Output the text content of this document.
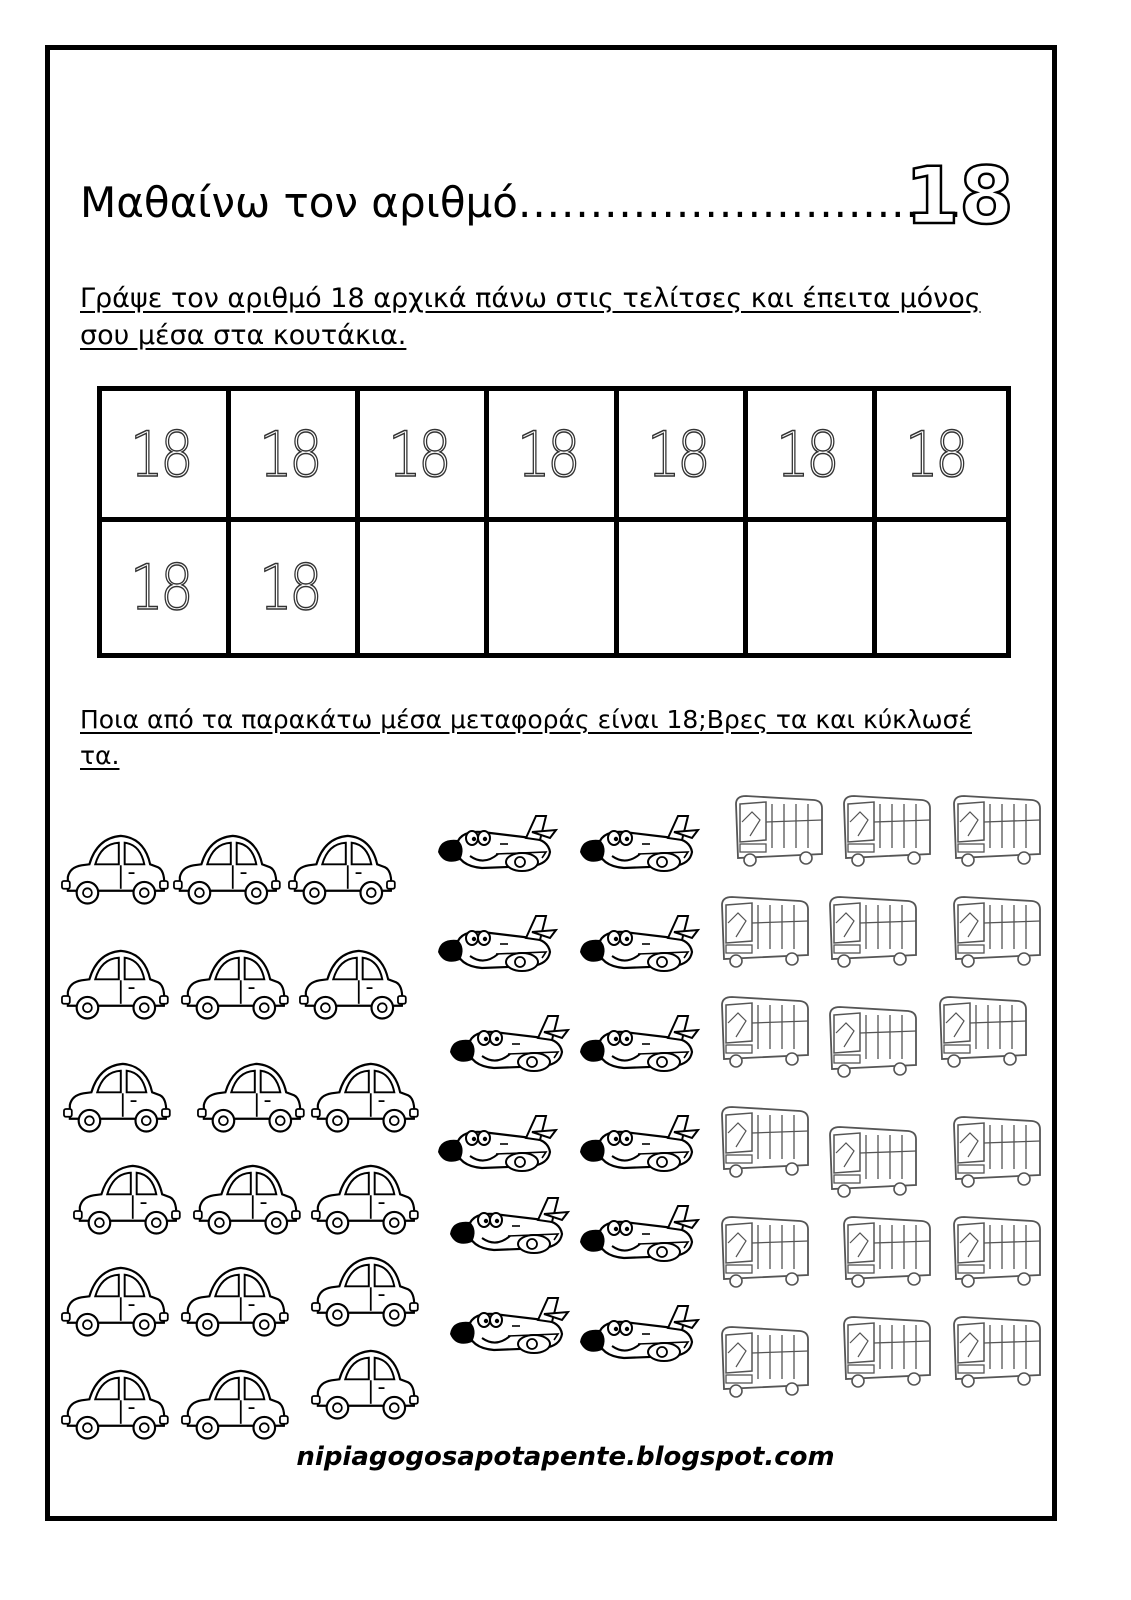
Μαθαίνω τον αριθμό...............................
18
Γράψε τον αριθμό 18 αρχικά πάνω στις τελίτσες και έπειτα μόνος σου μέσα στα κουτάκια.
18 18 18 18 18 18 18
18 18
Ποια από τα παρακάτω μέσα μεταφοράς είναι 18;Βρες τα και κύκλωσέ τα.
nipiagogosapotapente.blogspot.com
